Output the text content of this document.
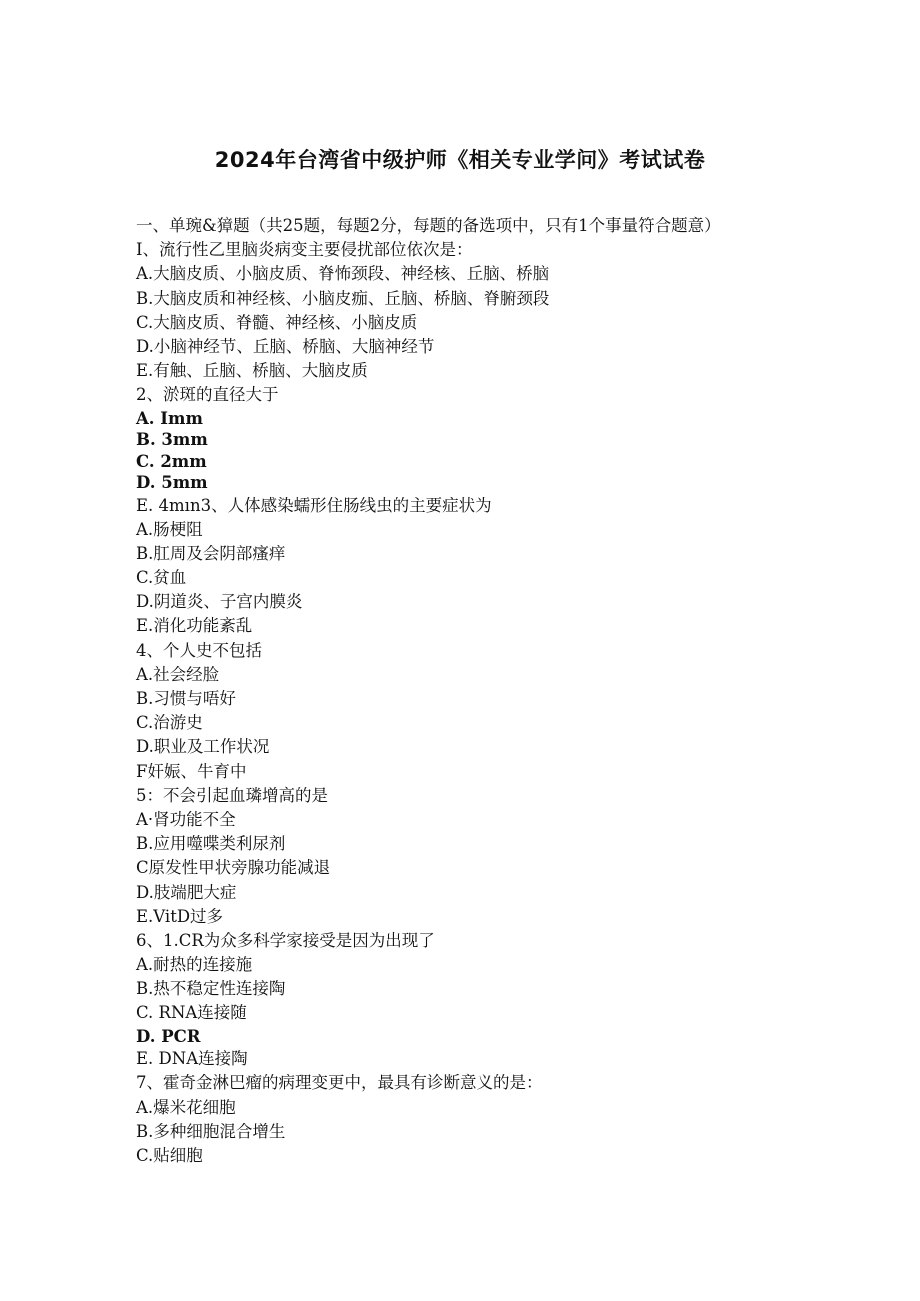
2024年台湾省中级护师《相关专业学问》考试试卷
一、单琬&獐题（共25题，每题2分，每题的备选项中，只有1个事量符合题意）
I、流行性乙里脑炎病变主要侵扰部位依次是：
A.大脑皮质、小脑皮质、脊怖颈段、神经核、丘脑、桥脑
B.大脑皮质和神经核、小脑皮痂、丘脑、桥脑、脊腑颈段
C.大脑皮质、脊髓、神经核、小脑皮质
D.小脑神经节、丘脑、桥脑、大脑神经节
E.有触、丘脑、桥脑、大脑皮质
2、淤斑的直径大于
A. Imm
B. 3mm
C. 2mm
D. 5mm
E. 4mın3、人体感染蠕形住肠线虫的主要症状为
A.肠梗阻
B.肛周及会阴部瘙痒
C.贫血
D.阴道炎、子宫内膜炎
E.消化功能紊乱
4、个人史不包括
A.社会经脸
B.习惯与唔好
C.治游史
D.职业及工作状况
F奸娠、牛育中
5：不会引起血璘增高的是
A·肾功能不全
B.应用噬喋类利尿剂
C原发性甲状旁腺功能减退
D.肢端肥大症
E.VitD过多
6、1.CR为众多科学家接受是因为出现了
A.耐热的连接施
B.热不稳定性连接陶
C. RNA连接随
D. PCR
E. DNA连接陶
7、霍奇金淋巴瘤的病理变更中，最具有诊断意义的是：
A.爆米花细胞
B.多种细胞混合增生
C.贴细胞
